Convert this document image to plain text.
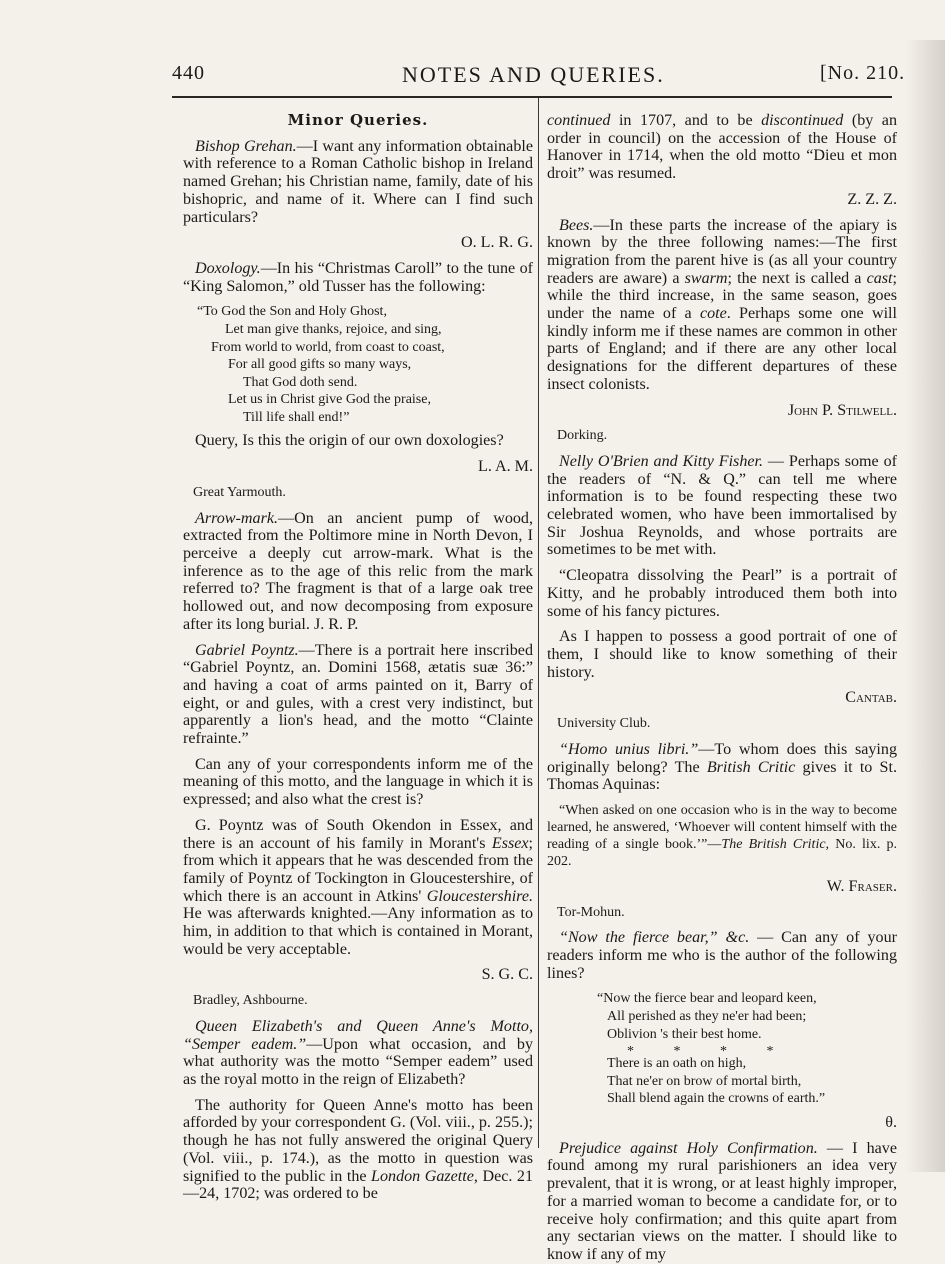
440	NOTES AND QUERIES.	[No. 210.

Minor Queries.

Bishop Grehan.—I want any information obtainable with reference to a Roman Catholic bishop in Ireland named Grehan; his Christian name, family, date of his bishopric, and name of it. Where can I find such particulars?

O. L. R. G.

Doxology.—In his “Christmas Caroll” to the tune of “King Salomon,” old Tusser has the following:

“To God the Son and Holy Ghost,
Let man give thanks, rejoice, and sing,
From world to world, from coast to coast,
For all good gifts so many ways,
That God doth send.
Let us in Christ give God the praise,
Till life shall end!”

Query, Is this the origin of our own doxologies?

L. A. M.

Great Yarmouth.

Arrow-mark.—On an ancient pump of wood, extracted from the Poltimore mine in North Devon, I perceive a deeply cut arrow-mark. What is the inference as to the age of this relic from the mark referred to? The fragment is that of a large oak tree hollowed out, and now decomposing from exposure after its long burial. J. R. P.

Gabriel Poyntz.—There is a portrait here inscribed “Gabriel Poyntz, an. Domini 1568, ætatis suæ 36:” and having a coat of arms painted on it, Barry of eight, or and gules, with a crest very indistinct, but apparently a lion's head, and the motto “Clainte refrainte.”

Can any of your correspondents inform me of the meaning of this motto, and the language in which it is expressed; and also what the crest is?

G. Poyntz was of South Okendon in Essex, and there is an account of his family in Morant's Essex; from which it appears that he was descended from the family of Poyntz of Tockington in Gloucestershire, of which there is an account in Atkins' Gloucestershire. He was afterwards knighted.—Any information as to him, in addition to that which is contained in Morant, would be very acceptable.

S. G. C.

Bradley, Ashbourne.

Queen Elizabeth's and Queen Anne's Motto, “Semper eadem.”—Upon what occasion, and by what authority was the motto “Semper eadem” used as the royal motto in the reign of Elizabeth?

The authority for Queen Anne's motto has been afforded by your correspondent G. (Vol. viii., p. 255.); though he has not fully answered the original Query (Vol. viii., p. 174.), as the motto in question was signified to the public in the London Gazette, Dec. 21—24, 1702; was ordered to be

continued in 1707, and to be discontinued (by an order in council) on the accession of the House of Hanover in 1714, when the old motto “Dieu et mon droit” was resumed.

Z. Z. Z.

Bees.—In these parts the increase of the apiary is known by the three following names:—The first migration from the parent hive is (as all your country readers are aware) a swarm; the next is called a cast; while the third increase, in the same season, goes under the name of a cote. Perhaps some one will kindly inform me if these names are common in other parts of England; and if there are any other local designations for the different departures of these insect colonists.

John P. Stilwell.

Dorking.

Nelly O'Brien and Kitty Fisher. — Perhaps some of the readers of “N. & Q.” can tell me where information is to be found respecting these two celebrated women, who have been immortalised by Sir Joshua Reynolds, and whose portraits are sometimes to be met with.

“Cleopatra dissolving the Pearl” is a portrait of Kitty, and he probably introduced them both into some of his fancy pictures.

As I happen to possess a good portrait of one of them, I should like to know something of their history.

Cantab.

University Club.

“Homo unius libri.”—To whom does this saying originally belong? The British Critic gives it to St. Thomas Aquinas:

“When asked on one occasion who is in the way to become learned, he answered, ‘Whoever will content himself with the reading of a single book.’”—The British Critic, No. lix. p. 202.

W. Fraser.

Tor-Mohun.

“Now the fierce bear,” &c. — Can any of your readers inform me who is the author of the following lines?

“Now the fierce bear and leopard keen,
All perished as they ne'er had been;
Oblivion 's their best home.
* * * *
There is an oath on high,
That ne'er on brow of mortal birth,
Shall blend again the crowns of earth.”

θ.

Prejudice against Holy Confirmation. — I have found among my rural parishioners an idea very prevalent, that it is wrong, or at least highly improper, for a married woman to become a candidate for, or to receive holy confirmation; and this quite apart from any sectarian views on the matter. I should like to know if any of my
